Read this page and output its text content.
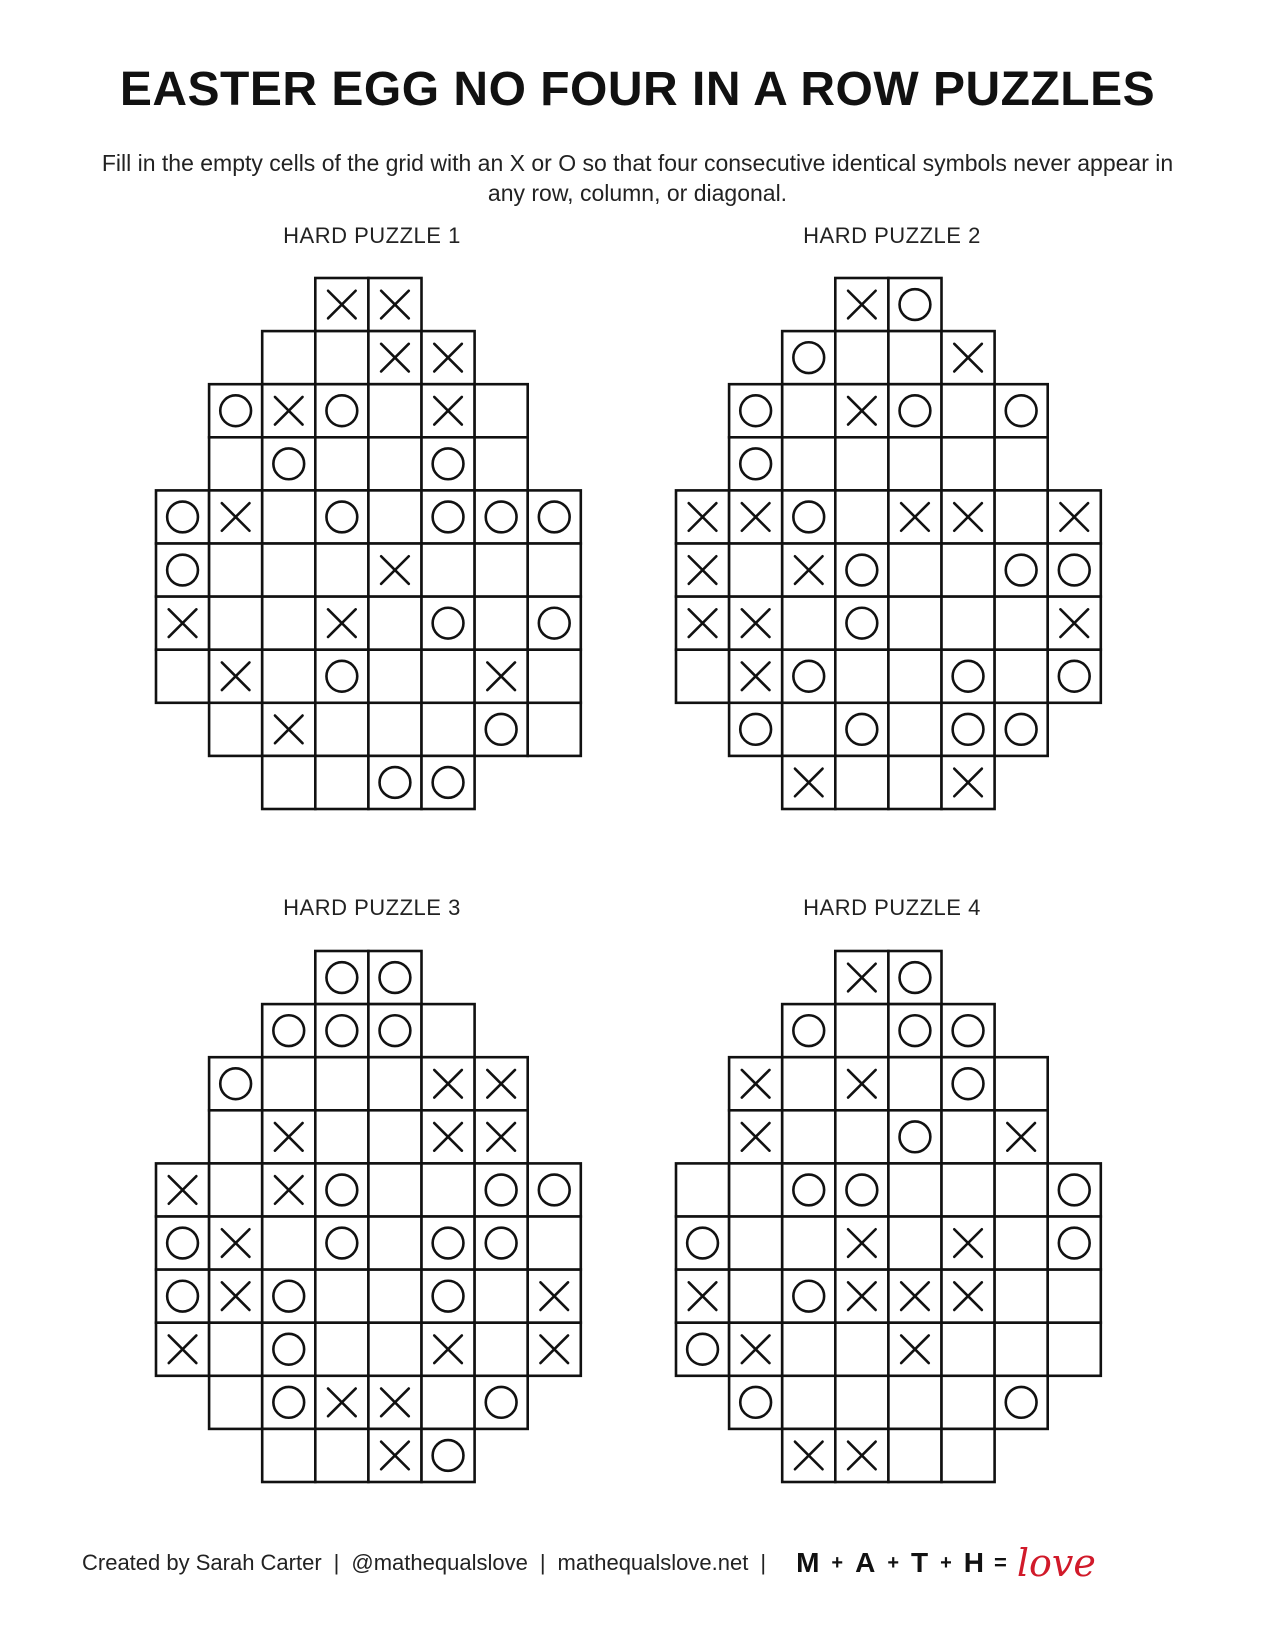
EASTER EGG NO FOUR IN A ROW PUZZLES
Fill in the empty cells of the grid with an X or O so that four consecutive identical symbols never appear in any row, column, or diagonal.
HARD PUZZLE 1	HARD PUZZLE 2
HARD PUZZLE 3	HARD PUZZLE 4
Created by Sarah Carter | @mathequalslove | mathequalslove.net | M + A + T + H = love
